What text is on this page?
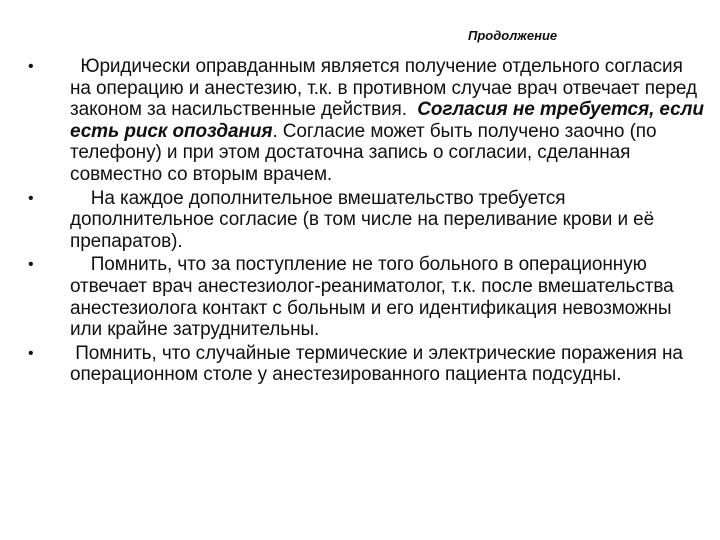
Продолжение
• Юридически оправданным является получение отдельного согласия на операцию и анестезию, т.к. в противном случае врач отвечает перед законом за насильственные действия.  Согласия не требуется, если есть риск опоздания. Согласие может быть получено заочно (по телефону) и при этом достаточна запись о согласии, сделанная совместно со вторым врачем.
• На каждое дополнительное вмешательство требуется дополнительное согласие (в том числе на переливание крови и её препаратов).
• Помнить, что за поступление не того больного в операционную отвечает врач анестезиолог-реаниматолог, т.к. после вмешательства анестезиолога контакт с больным и его идентификация невозможны или крайне затруднительны.
• Помнить, что случайные термические и электрические поражения на операционном столе у анестезированного пациента подсудны.
